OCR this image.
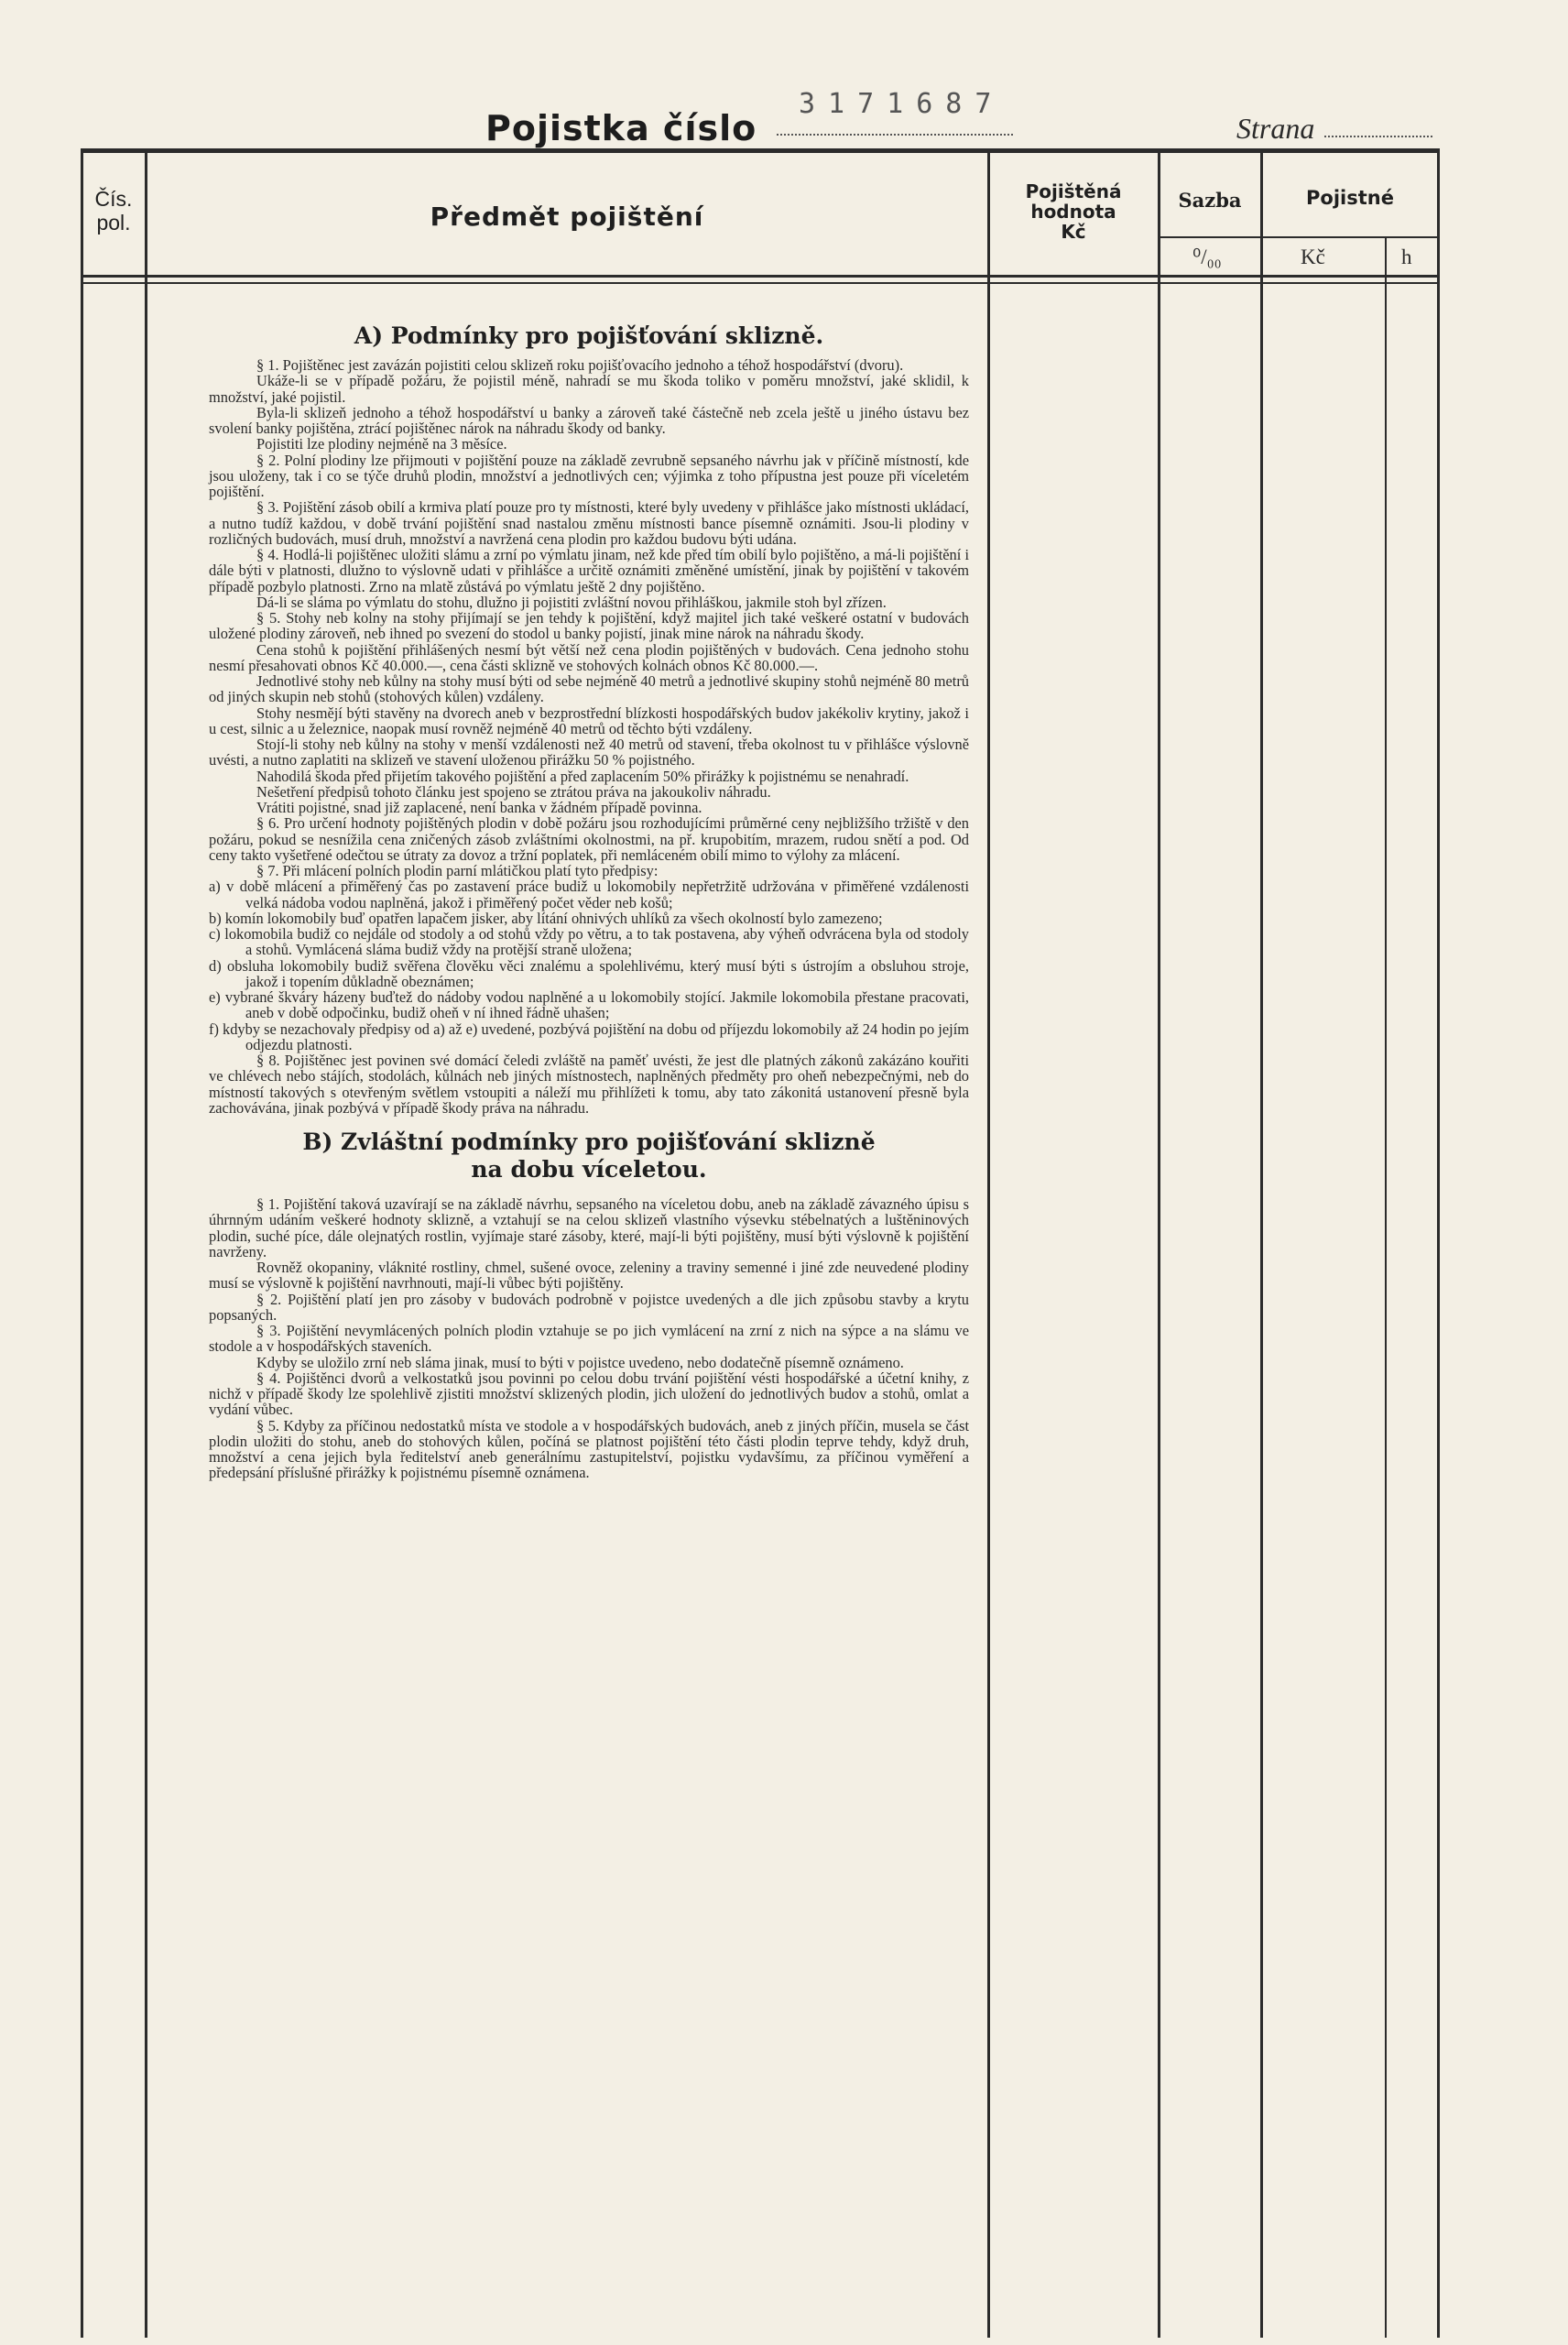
Pojistka číslo
3171687
Strana
Čís.
pol.	Předmět pojištění
Pojištěná
hodnota
Kč
Sazba	Pojistné
⁰/₀₀	Kč	h
A) Podmínky pro pojišťování sklizně.

§ 1. Pojištěnec jest zavázán pojistiti celou sklizeň roku pojišťovacího jednoho a téhož hospodářství (dvoru).

Ukáže-li se v případě požáru, že pojistil méně, nahradí se mu škoda toliko v poměru množství, jaké sklidil, k množství, jaké pojistil.

Byla-li sklizeň jednoho a téhož hospodářství u banky a zároveň také částečně neb zcela ještě u jiného ústavu bez svolení banky pojištěna, ztrácí pojištěnec nárok na náhradu škody od banky.

Pojistiti lze plodiny nejméně na 3 měsíce.

§ 2. Polní plodiny lze přijmouti v pojištění pouze na základě zevrubně sepsaného návrhu jak v příčině místností, kde jsou uloženy, tak i co se týče druhů plodin, množství a jednotlivých cen; výjimka z toho přípustna jest pouze při víceletém pojištění.

§ 3. Pojištění zásob obilí a krmiva platí pouze pro ty místnosti, které byly uvedeny v přihlášce jako místnosti ukládací, a nutno tudíž každou, v době trvání pojištění snad nastalou změnu místnosti bance písemně oznámiti. Jsou-li plodiny v rozličných budovách, musí druh, množství a navržená cena plodin pro každou budovu býti udána.

§ 4. Hodlá-li pojištěnec uložiti slámu a zrní po výmlatu jinam, než kde před tím obilí bylo pojištěno, a má-li pojištění i dále býti v platnosti, dlužno to výslovně udati v přihlášce a určitě oznámiti změněné umístění, jinak by pojištění v takovém případě pozbylo platnosti. Zrno na mlatě zůstává po výmlatu ještě 2 dny pojištěno.

Dá-li se sláma po výmlatu do stohu, dlužno ji pojistiti zvláštní novou přihláškou, jakmile stoh byl zřízen.

§ 5. Stohy neb kolny na stohy přijímají se jen tehdy k pojištění, když majitel jich také veškeré ostatní v budovách uložené plodiny zároveň, neb ihned po svezení do stodol u banky pojistí, jinak mine nárok na náhradu škody.

Cena stohů k pojištění přihlášených nesmí být větší než cena plodin pojištěných v budovách. Cena jednoho stohu nesmí přesahovati obnos Kč 40.000.—, cena části sklizně ve stohových kolnách obnos Kč 80.000.—.

Jednotlivé stohy neb kůlny na stohy musí býti od sebe nejméně 40 metrů a jednotlivé skupiny stohů nejméně 80 metrů od jiných skupin neb stohů (stohových kůlen) vzdáleny.

Stohy nesmějí býti stavěny na dvorech aneb v bezprostřední blízkosti hospodářských budov jakékoliv krytiny, jakož i u cest, silnic a u železnice, naopak musí rovněž nejméně 40 metrů od těchto býti vzdáleny.

Stojí-li stohy neb kůlny na stohy v menší vzdálenosti než 40 metrů od stavení, třeba okolnost tu v přihlášce výslovně uvésti, a nutno zaplatiti na sklizeň ve stavení uloženou přirážku 50 % pojistného.

Nahodilá škoda před přijetím takového pojištění a před zaplacením 50% přirážky k pojistnému se nenahradí.

Nešetření předpisů tohoto článku jest spojeno se ztrátou práva na jakoukoliv náhradu.

Vrátiti pojistné, snad již zaplacené, není banka v žádném případě povinna.

§ 6. Pro určení hodnoty pojištěných plodin v době požáru jsou rozhodujícími průměrné ceny nejbližšího tržiště v den požáru, pokud se nesnížila cena zničených zásob zvláštními okolnostmi, na př. krupobitím, mrazem, rudou snětí a pod. Od ceny takto vyšetřené odečtou se útraty za dovoz a tržní poplatek, při nemláceném obilí mimo to výlohy za mlácení.

§ 7. Při mlácení polních plodin parní mlátičkou platí tyto předpisy:

a) v době mlácení a přiměřený čas po zastavení práce budiž u lokomobily nepřetržitě udržována v přiměřené vzdálenosti velká nádoba vodou naplněná, jakož i přiměřený počet věder neb košů;

b) komín lokomobily buď opatřen lapačem jisker, aby lítání ohnivých uhlíků za všech okolností bylo zamezeno;

c) lokomobila budiž co nejdále od stodoly a od stohů vždy po větru, a to tak postavena, aby výheň odvrácena byla od stodoly a stohů. Vymlácená sláma budiž vždy na protější straně uložena;

d) obsluha lokomobily budiž svěřena člověku věci znalému a spolehlivému, který musí býti s ústrojím a obsluhou stroje, jakož i topením důkladně obeznámen;

e) vybrané škváry házeny buďtež do nádoby vodou naplněné a u lokomobily stojící. Jakmile lokomobila přestane pracovati, aneb v době odpočinku, budiž oheň v ní ihned řádně uhašen;

f) kdyby se nezachovaly předpisy od a) až e) uvedené, pozbývá pojištění na dobu od příjezdu lokomobily až 24 hodin po jejím odjezdu platnosti.

§ 8. Pojištěnec jest povinen své domácí čeledi zvláště na paměť uvésti, že jest dle platných zákonů zakázáno kouřiti ve chlévech nebo stájích, stodolách, kůlnách neb jiných místnostech, naplněných předměty pro oheň nebezpečnými, neb do místností takových s otevřeným světlem vstoupiti a náleží mu přihlížeti k tomu, aby tato zákonitá ustanovení přesně byla zachovávána, jinak pozbývá v případě škody práva na náhradu.

B) Zvláštní podmínky pro pojišťování sklizně
na dobu víceletou.

§ 1. Pojištění taková uzavírají se na základě návrhu, sepsaného na víceletou dobu, aneb na základě závazného úpisu s úhrnným udáním veškeré hodnoty sklizně, a vztahují se na celou sklizeň vlastního výsevku stébelnatých a luštěninových plodin, suché píce, dále olejnatých rostlin, vyjímaje staré zásoby, které, mají-li býti pojištěny, musí býti výslovně k pojištění navrženy.

Rovněž okopaniny, vláknité rostliny, chmel, sušené ovoce, zeleniny a traviny semenné i jiné zde neuvedené plodiny musí se výslovně k pojištění navrhnouti, mají-li vůbec býti pojištěny.

§ 2. Pojištění platí jen pro zásoby v budovách podrobně v pojistce uvedených a dle jich způsobu stavby a krytu popsaných.

§ 3. Pojištění nevymlácených polních plodin vztahuje se po jich vymlácení na zrní z nich na sýpce a na slámu ve stodole a v hospodářských staveních.

Kdyby se uložilo zrní neb sláma jinak, musí to býti v pojistce uvedeno, nebo dodatečně písemně oznámeno.

§ 4. Pojištěnci dvorů a velkostatků jsou povinni po celou dobu trvání pojištění vésti hospodářské a účetní knihy, z nichž v případě škody lze spolehlivě zjistiti množství sklizených plodin, jich uložení do jednotlivých budov a stohů, omlat a vydání vůbec.

§ 5. Kdyby za příčinou nedostatků místa ve stodole a v hospodářských budovách, aneb z jiných příčin, musela se část plodin uložiti do stohu, aneb do stohových kůlen, počíná se platnost pojištění této části plodin teprve tehdy, když druh, množství a cena jejich byla ředitelství aneb generálnímu zastupitelství, pojistku vydavšímu, za příčinou vyměření a předepsání příslušné přirážky k pojistnému písemně oznámena.
